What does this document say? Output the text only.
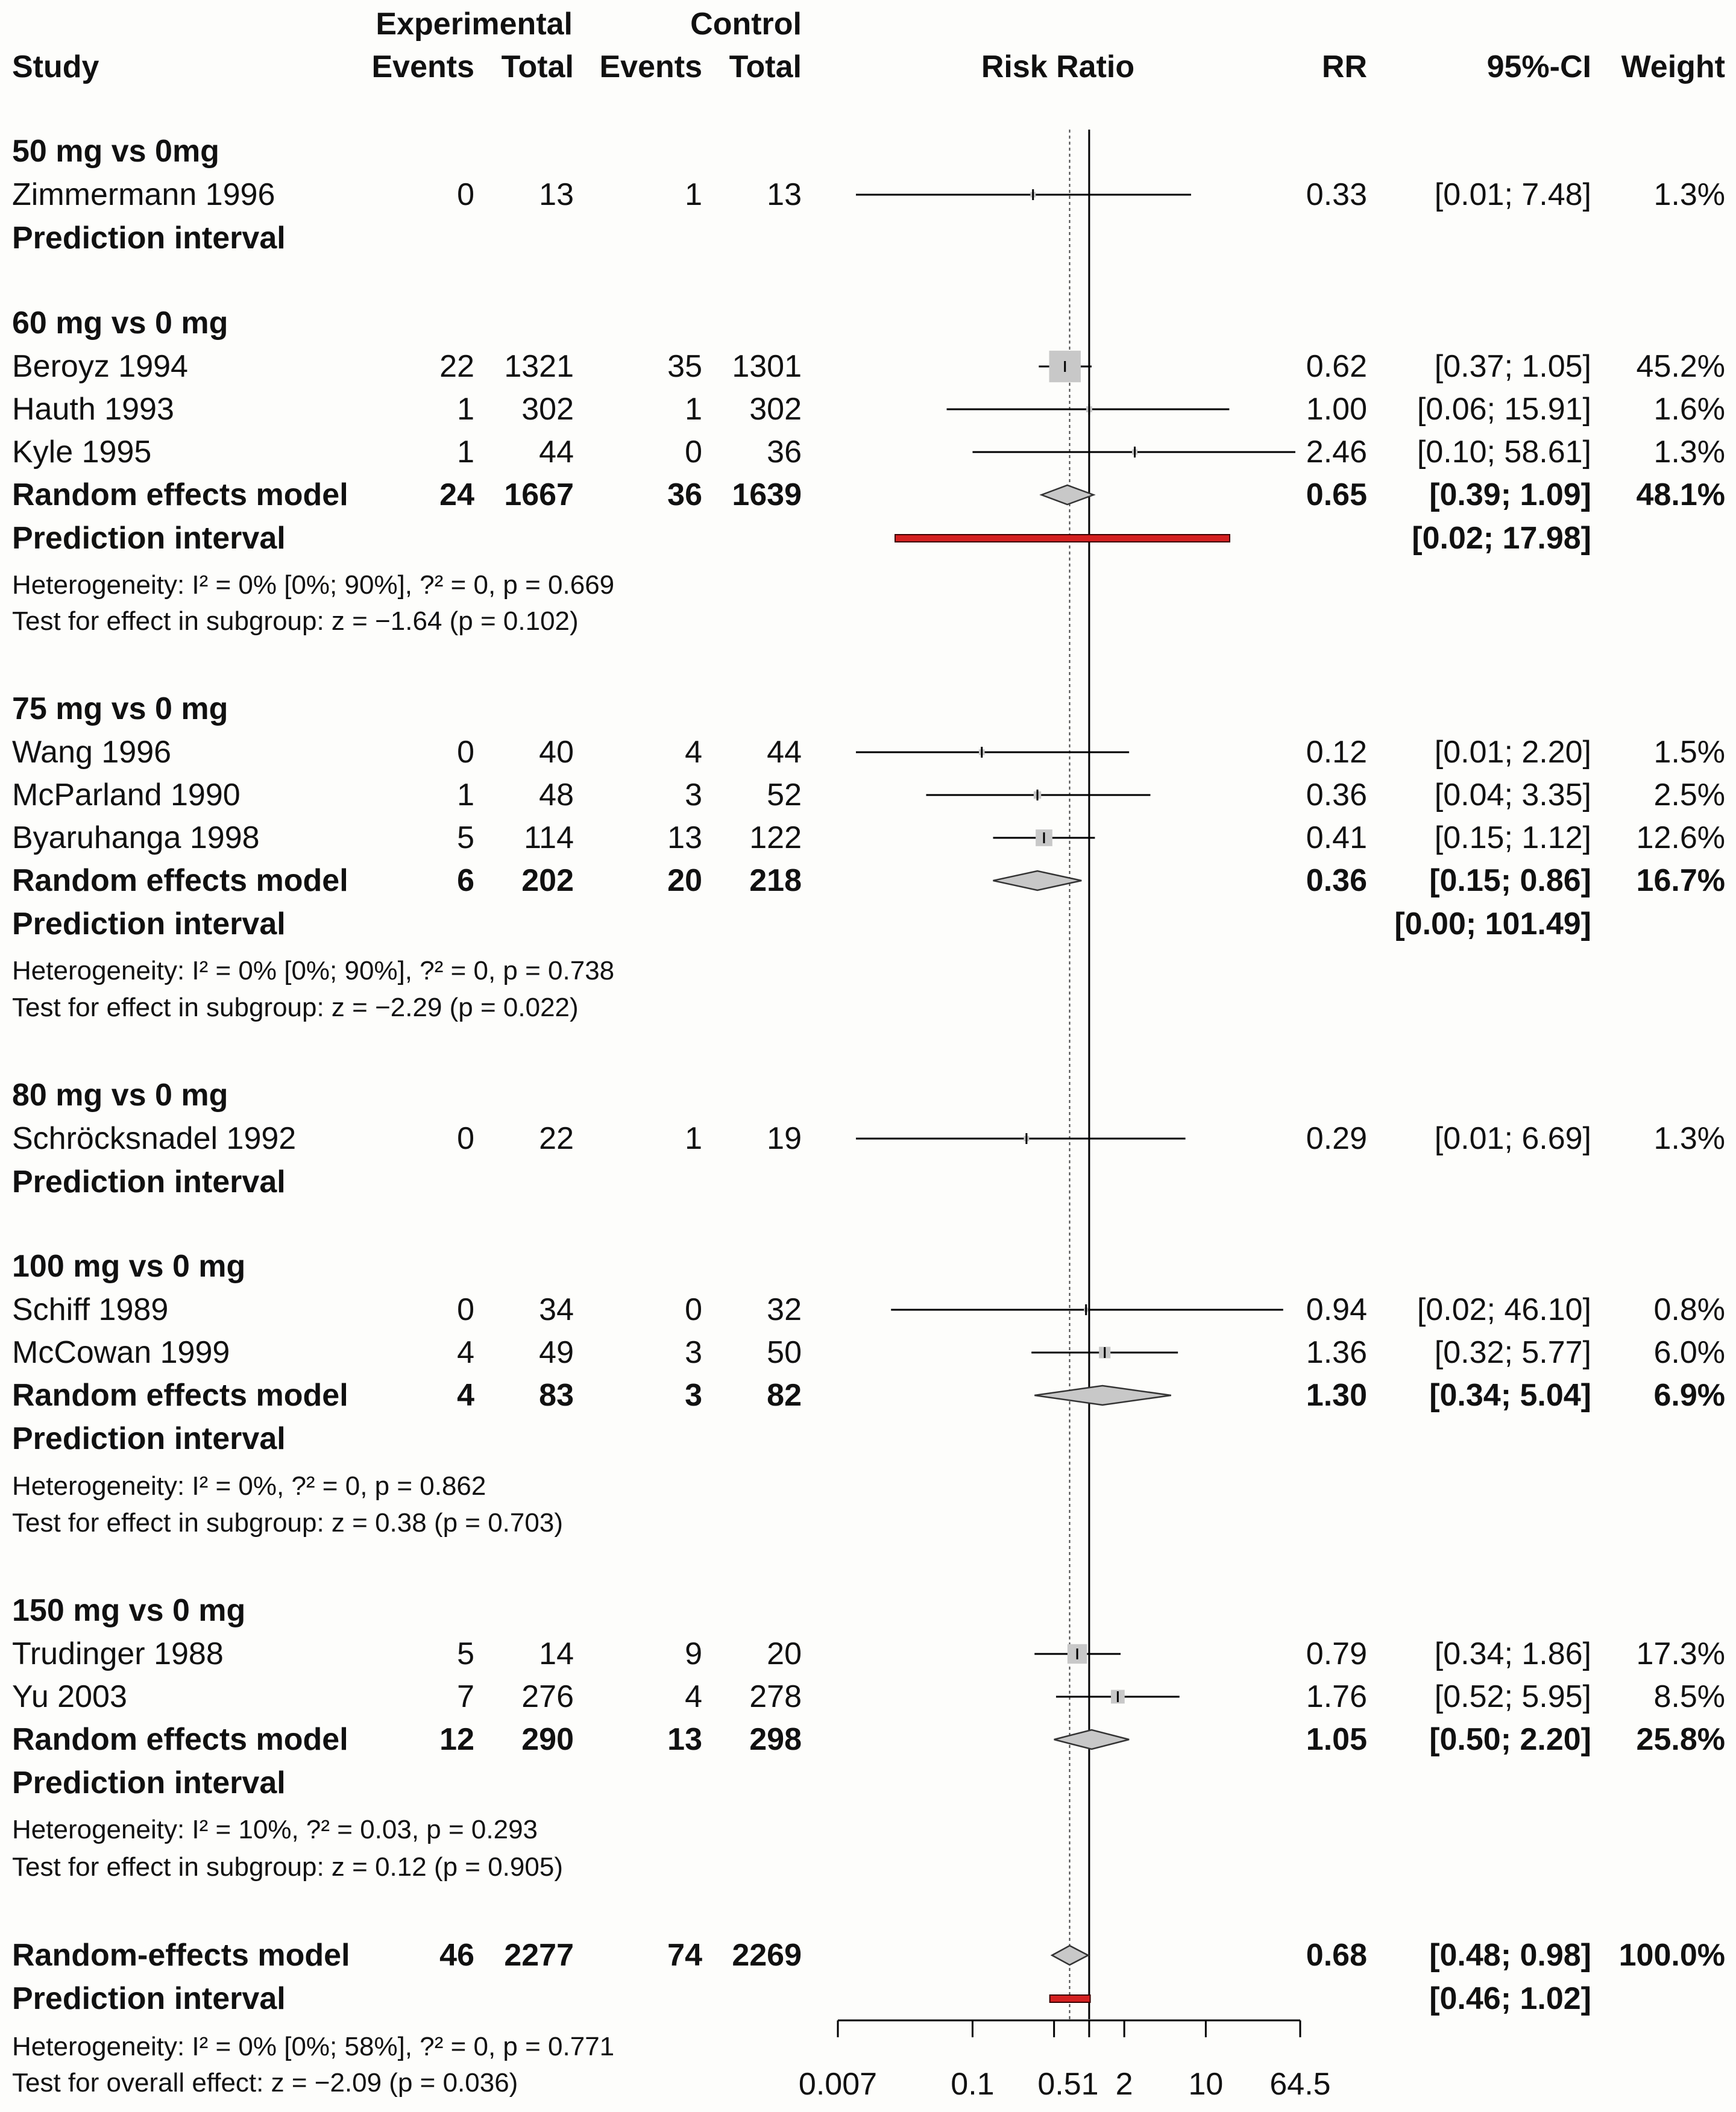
Study
Experimental	Control
Events Total Events Total	Risk Ratio	RR	95%-CI Weight
50 mg vs 0mg
Zimmermann 1996	0 13	1 13	0.33 [0.01; 7.48] 1.3%
Prediction interval
60 mg vs 0 mg
Beroyz 1994	22 1321	35 1301	0.62 [0.37; 1.05] 45.2%
Hauth 1993	1 302	1 302	1.00 [0.06; 15.91] 1.6%
Kyle 1995	1 44	0 36	2.46 [0.10; 58.61] 1.3%
Random effects model	24 1667	36 1639	0.65 [0.39; 1.09] 48.1%
Prediction interval	[0.02; 17.98]
Heterogeneity: I² = 0% [0%; 90%], ?² = 0, p = 0.669
Test for effect in subgroup: z = −1.64 (p = 0.102)
75 mg vs 0 mg
Wang 1996	0 40	4 44	0.12 [0.01; 2.20] 1.5%
McParland 1990	1 48	3 52	0.36 [0.04; 3.35] 2.5%
Byaruhanga 1998	5 114	13 122	0.41 [0.15; 1.12] 12.6%
Random effects model	6 202	20 218	0.36 [0.15; 0.86] 16.7%
Prediction interval	[0.00; 101.49]
Heterogeneity: I² = 0% [0%; 90%], ?² = 0, p = 0.738
Test for effect in subgroup: z = −2.29 (p = 0.022)
80 mg vs 0 mg
Schröcksnadel 1992	0 22	1 19	0.29 [0.01; 6.69] 1.3%
Prediction interval
100 mg vs 0 mg
Schiff 1989	0 34	0 32	0.94 [0.02; 46.10] 0.8%
McCowan 1999	4 49	3 50	1.36 [0.32; 5.77] 6.0%
Random effects model	4 83	3 82	1.30 [0.34; 5.04] 6.9%
Prediction interval
Heterogeneity: I² = 0%, ?² = 0, p = 0.862
Test for effect in subgroup: z = 0.38 (p = 0.703)
150 mg vs 0 mg
Trudinger 1988	5 14	9 20	0.79 [0.34; 1.86] 17.3%
Yu 2003	7 276	4 278	1.76 [0.52; 5.95] 8.5%
Random effects model	12 290	13 298	1.05 [0.50; 2.20] 25.8%
Prediction interval
Heterogeneity: I² = 10%, ?² = 0.03, p = 0.293
Test for effect in subgroup: z = 0.12 (p = 0.905)
Random-effects model	46 2277	74 2269	0.68 [0.48; 0.98] 100.0%
Prediction interval	[0.46; 1.02]
Heterogeneity: I² = 0% [0%; 58%], ?² = 0, p = 0.771
Test for overall effect: z = −2.09 (p = 0.036)	0.007 0.1 0.51 2 10 64.5
